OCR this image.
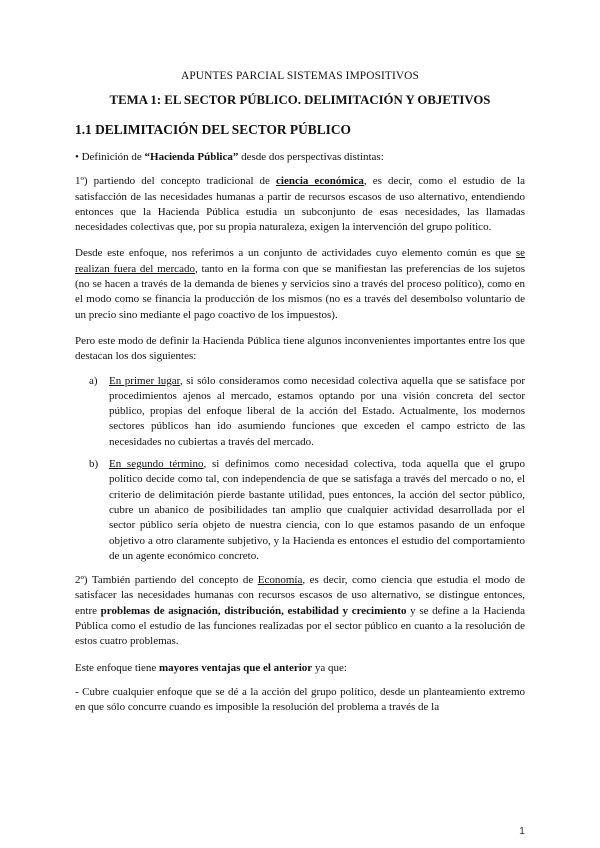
APUNTES PARCIAL SISTEMAS IMPOSITIVOS
TEMA 1: EL SECTOR PÚBLICO. DELIMITACIÓN Y OBJETIVOS
1.1 DELIMITACIÓN DEL SECTOR PÚBLICO

• Definición de “Hacienda Pública” desde dos perspectivas distintas:

1º) partiendo del concepto tradicional de ciencia económica, es decir, como el estudio de la satisfacción de las necesidades humanas a partir de recursos escasos de uso alternativo, entendiendo entonces que la Hacienda Pública estudia un subconjunto de esas necesidades, las llamadas necesidades colectivas que, por su propia naturaleza, exigen la intervención del grupo político.

Desde este enfoque, nos referimos a un conjunto de actividades cuyo elemento común es que se realizan fuera del mercado, tanto en la forma con que se manifiestan las preferencias de los sujetos (no se hacen a través de la demanda de bienes y servicios sino a través del proceso político), como en el modo como se financia la producción de los mismos (no es a través del desembolso voluntario de un precio sino mediante el pago coactivo de los impuestos).

Pero este modo de definir la Hacienda Pública tiene algunos inconvenientes importantes entre los que destacan los dos siguientes:

a) En primer lugar, si sólo consideramos como necesidad colectiva aquella que se satisface por procedimientos ajenos al mercado, estamos optando por una visión concreta del sector público, propias del enfoque liberal de la acción del Estado. Actualmente, los modernos sectores públicos han ido asumiendo funciones que exceden el campo estricto de las necesidades no cubiertas a través del mercado.
b) En segundo término, si definimos como necesidad colectiva, toda aquella que el grupo político decide como tal, con independencia de que se satisfaga a través del mercado o no, el criterio de delimitación pierde bastante utilidad, pues entonces, la acción del sector público, cubre un abanico de posibilidades tan amplio que cualquier actividad desarrollada por el sector público sería objeto de nuestra ciencia, con lo que estamos pasando de un enfoque objetivo a otro claramente subjetivo, y la Hacienda es entonces el estudio del comportamiento de un agente económico concreto.

2º) También partiendo del concepto de Economía, es decir, como ciencia que estudia el modo de satisfacer las necesidades humanas con recursos escasos de uso alternativo, se distingue entonces, entre problemas de asignación, distribución, estabilidad y crecimiento y se define a la Hacienda Pública como el estudio de las funciones realizadas por el sector público en cuanto a la resolución de estos cuatro problemas.

Este enfoque tiene mayores ventajas que el anterior ya que:

- Cubre cualquier enfoque que se dé a la acción del grupo político, desde un planteamiento extremo en que sólo concurre cuando es imposible la resolución del problema a través de la

1
